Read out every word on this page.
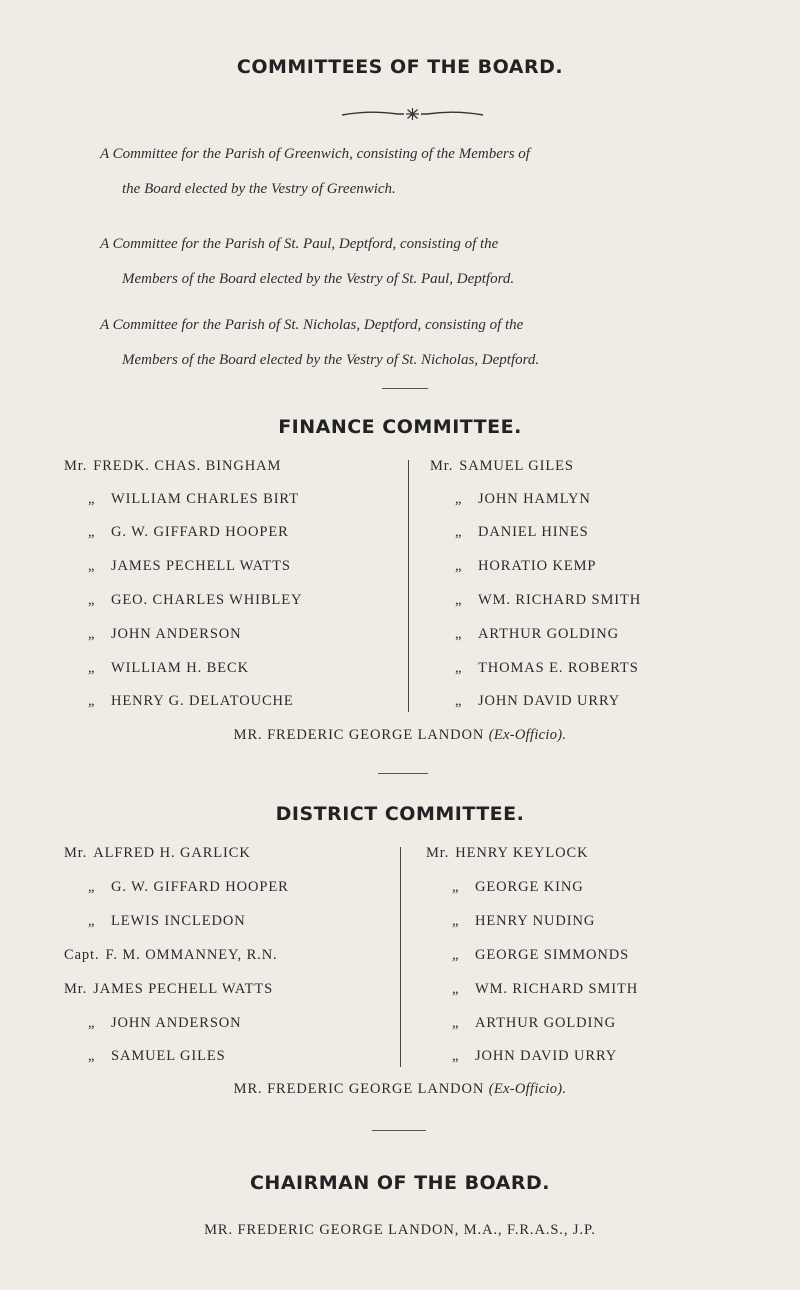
COMMITTEES OF THE BOARD.
A Committee for the Parish of Greenwich, consisting of the Members of
the Board elected by the Vestry of Greenwich.
A Committee for the Parish of St. Paul, Deptford, consisting of the
Members of the Board elected by the Vestry of St. Paul, Deptford.
A Committee for the Parish of St. Nicholas, Deptford, consisting of the
Members of the Board elected by the Vestry of St. Nicholas, Deptford.
FINANCE COMMITTEE.
Mr. FREDK. CHAS. BINGHAM
„ WILLIAM CHARLES BIRT
„ G. W. GIFFARD HOOPER
„ JAMES PECHELL WATTS
„ GEO. CHARLES WHIBLEY
„ JOHN ANDERSON
„ WILLIAM H. BECK
„ HENRY G. DELATOUCHE
Mr. SAMUEL GILES
„ JOHN HAMLYN
„ DANIEL HINES
„ HORATIO KEMP
„ WM. RICHARD SMITH
„ ARTHUR GOLDING
„ THOMAS E. ROBERTS
„ JOHN DAVID URRY
MR. FREDERIC GEORGE LANDON (Ex-Officio).
DISTRICT COMMITTEE.
Mr. ALFRED H. GARLICK
„ G. W. GIFFARD HOOPER
„ LEWIS INCLEDON
Capt. F. M. OMMANNEY, R.N.
Mr. JAMES PECHELL WATTS
„ JOHN ANDERSON
„ SAMUEL GILES
Mr. HENRY KEYLOCK
„ GEORGE KING
„ HENRY NUDING
„ GEORGE SIMMONDS
„ WM. RICHARD SMITH
„ ARTHUR GOLDING
„ JOHN DAVID URRY
MR. FREDERIC GEORGE LANDON (Ex-Officio).
CHAIRMAN OF THE BOARD.
MR. FREDERIC GEORGE LANDON, M.A., F.R.A.S., J.P.
